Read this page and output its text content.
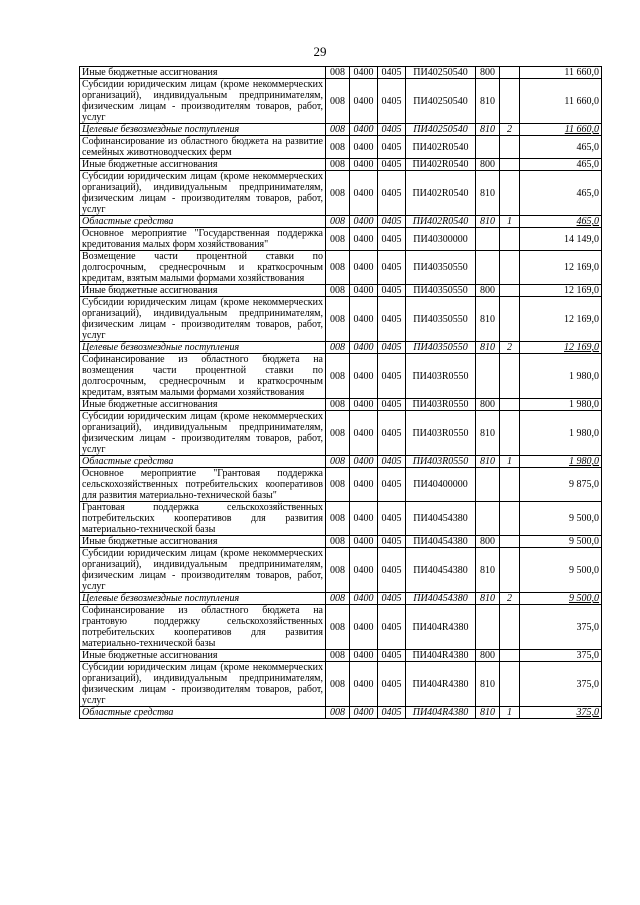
29
Иные бюджетные ассигнования	008	0400	0405	ПИ40250540	800		11 660,0
Субсидии юридическим лицам (кроме некоммерческих организаций), индивидуальным предпринимателям, физическим лицам - производителям товаров, работ, услуг	008	0400	0405	ПИ40250540	810		11 660,0
Целевые безвозмездные поступления	008	0400	0405	ПИ40250540	810	2	11 660,0
Софинансирование из областного бюджета на развитие семейных животноводческих ферм	008	0400	0405	ПИ402R0540			465,0
Иные бюджетные ассигнования	008	0400	0405	ПИ402R0540	800		465,0
Субсидии юридическим лицам (кроме некоммерческих организаций), индивидуальным предпринимателям, физическим лицам - производителям товаров, работ, услуг	008	0400	0405	ПИ402R0540	810		465,0
Областные средства	008	0400	0405	ПИ402R0540	810	1	465,0
Основное мероприятие "Государственная поддержка кредитования малых форм хозяйствования"	008	0400	0405	ПИ40300000			14 149,0
Возмещение части процентной ставки по долгосрочным, среднесрочным и краткосрочным кредитам, взятым малыми формами хозяйствования	008	0400	0405	ПИ40350550			12 169,0
Иные бюджетные ассигнования	008	0400	0405	ПИ40350550	800		12 169,0
Субсидии юридическим лицам (кроме некоммерческих организаций), индивидуальным предпринимателям, физическим лицам - производителям товаров, работ, услуг	008	0400	0405	ПИ40350550	810		12 169,0
Целевые безвозмездные поступления	008	0400	0405	ПИ40350550	810	2	12 169,0
Софинансирование из областного бюджета на возмещения части процентной ставки по долгосрочным, среднесрочным и краткосрочным кредитам, взятым малыми формами хозяйствования	008	0400	0405	ПИ403R0550			1 980,0
Иные бюджетные ассигнования	008	0400	0405	ПИ403R0550	800		1 980,0
Субсидии юридическим лицам (кроме некоммерческих организаций), индивидуальным предпринимателям, физическим лицам - производителям товаров, работ, услуг	008	0400	0405	ПИ403R0550	810		1 980,0
Областные средства	008	0400	0405	ПИ403R0550	810	1	1 980,0
Основное мероприятие "Грантовая поддержка сельскохозяйственных потребительских кооперативов для развития материально-технической базы"	008	0400	0405	ПИ40400000			9 875,0
Грантовая поддержка сельскохозяйственных потребительских кооперативов для развития материально-технической базы	008	0400	0405	ПИ40454380			9 500,0
Иные бюджетные ассигнования	008	0400	0405	ПИ40454380	800		9 500,0
Субсидии юридическим лицам (кроме некоммерческих организаций), индивидуальным предпринимателям, физическим лицам - производителям товаров, работ, услуг	008	0400	0405	ПИ40454380	810		9 500,0
Целевые безвозмездные поступления	008	0400	0405	ПИ40454380	810	2	9 500,0
Софинансирование из областного бюджета на грантовую поддержку сельскохозяйственных потребительских кооперативов для развития материально-технической базы	008	0400	0405	ПИ404R4380			375,0
Иные бюджетные ассигнования	008	0400	0405	ПИ404R4380	800		375,0
Субсидии юридическим лицам (кроме некоммерческих организаций), индивидуальным предпринимателям, физическим лицам - производителям товаров, работ, услуг	008	0400	0405	ПИ404R4380	810		375,0
Областные средства	008	0400	0405	ПИ404R4380	810	1	375,0
